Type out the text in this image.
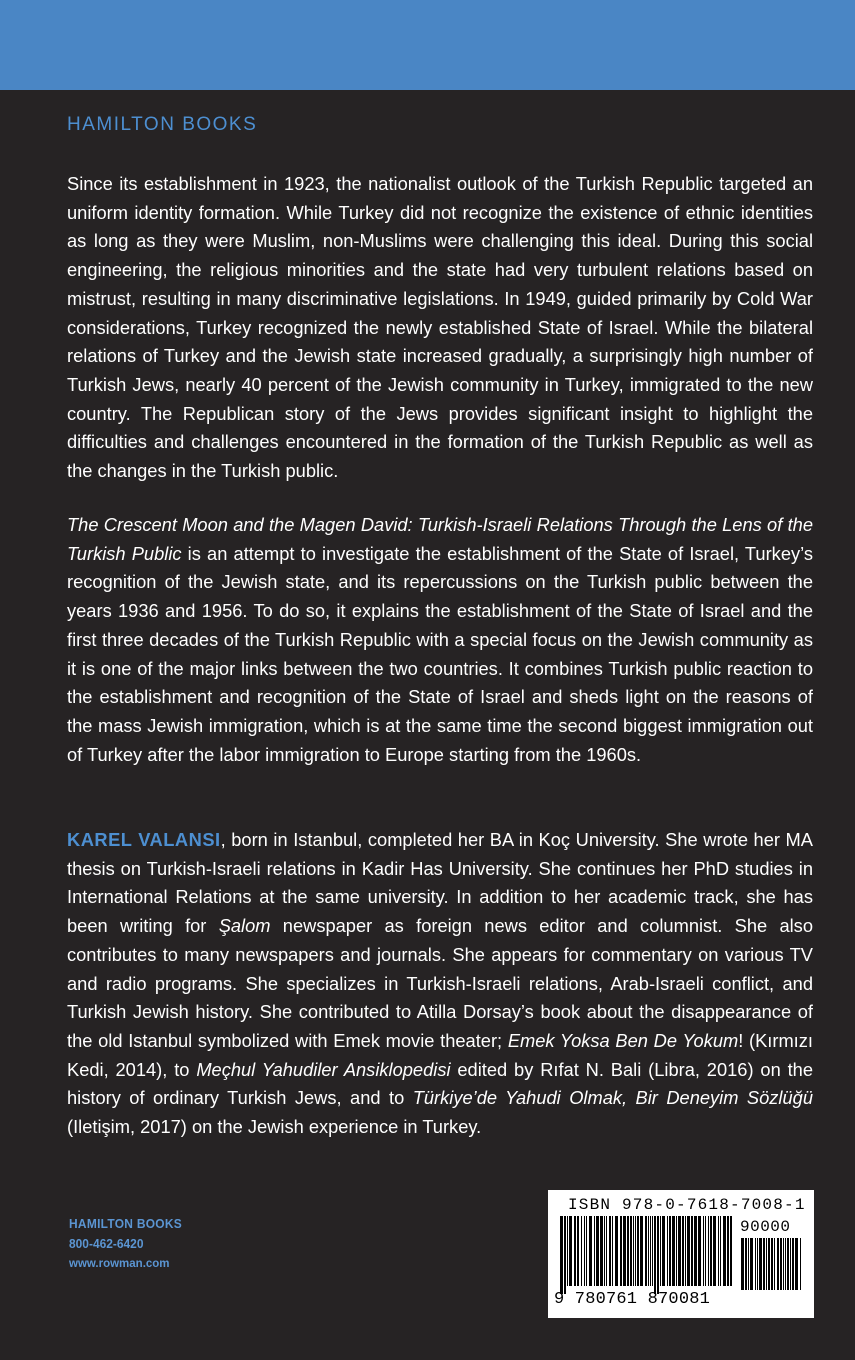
HAMILTON BOOKS

Since its establishment in 1923, the nationalist outlook of the Turkish Republic targeted an uniform identity formation. While Turkey did not recognize the existence of ethnic identities as long as they were Muslim, non-Muslims were challenging this ideal. During this social engineering, the religious minorities and the state had very turbulent relations based on mistrust, resulting in many discriminative legislations. In 1949, guided primarily by Cold War considerations, Turkey recognized the newly established State of Israel. While the bilateral relations of Turkey and the Jewish state increased gradually, a surprisingly high number of Turkish Jews, nearly 40 percent of the Jewish community in Turkey, immigrated to the new country. The Republican story of the Jews provides significant insight to highlight the difficulties and challenges encountered in the formation of the Turkish Republic as well as the changes in the Turkish public.

The Crescent Moon and the Magen David: Turkish-Israeli Relations Through the Lens of the Turkish Public is an attempt to investigate the establishment of the State of Israel, Turkey’s recognition of the Jewish state, and its repercussions on the Turkish public between the years 1936 and 1956. To do so, it explains the establishment of the State of Israel and the first three decades of the Turkish Republic with a special focus on the Jewish community as it is one of the major links between the two countries. It combines Turkish public reaction to the establishment and recognition of the State of Israel and sheds light on the reasons of the mass Jewish immigration, which is at the same time the second biggest immigration out of Turkey after the labor immigration to Europe starting from the 1960s.

KAREL VALANSI, born in Istanbul, completed her BA in Koç University. She wrote her MA thesis on Turkish-Israeli relations in Kadir Has University. She continues her PhD studies in International Relations at the same university. In addition to her academic track, she has been writing for Şalom newspaper as foreign news editor and columnist. She also contributes to many newspapers and journals. She appears for commentary on various TV and radio programs. She specializes in Turkish-Israeli relations, Arab-Israeli conflict, and Turkish Jewish history. She contributed to Atilla Dorsay’s book about the disappearance of the old Istanbul symbolized with Emek movie theater; Emek Yoksa Ben De Yokum! (Kırmızı Kedi, 2014), to Meçhul Yahudiler Ansiklopedisi edited by Rıfat N. Bali (Libra, 2016) on the history of ordinary Turkish Jews, and to Türkiye’de Yahudi Olmak, Bir Deneyim Sözlüğü (Iletişim, 2017) on the Jewish experience in Turkey.

HAMILTON BOOKS
800-462-6420
www.rowman.com
ISBN 978-0-7618-7008-1
90000
9 780761 870081
